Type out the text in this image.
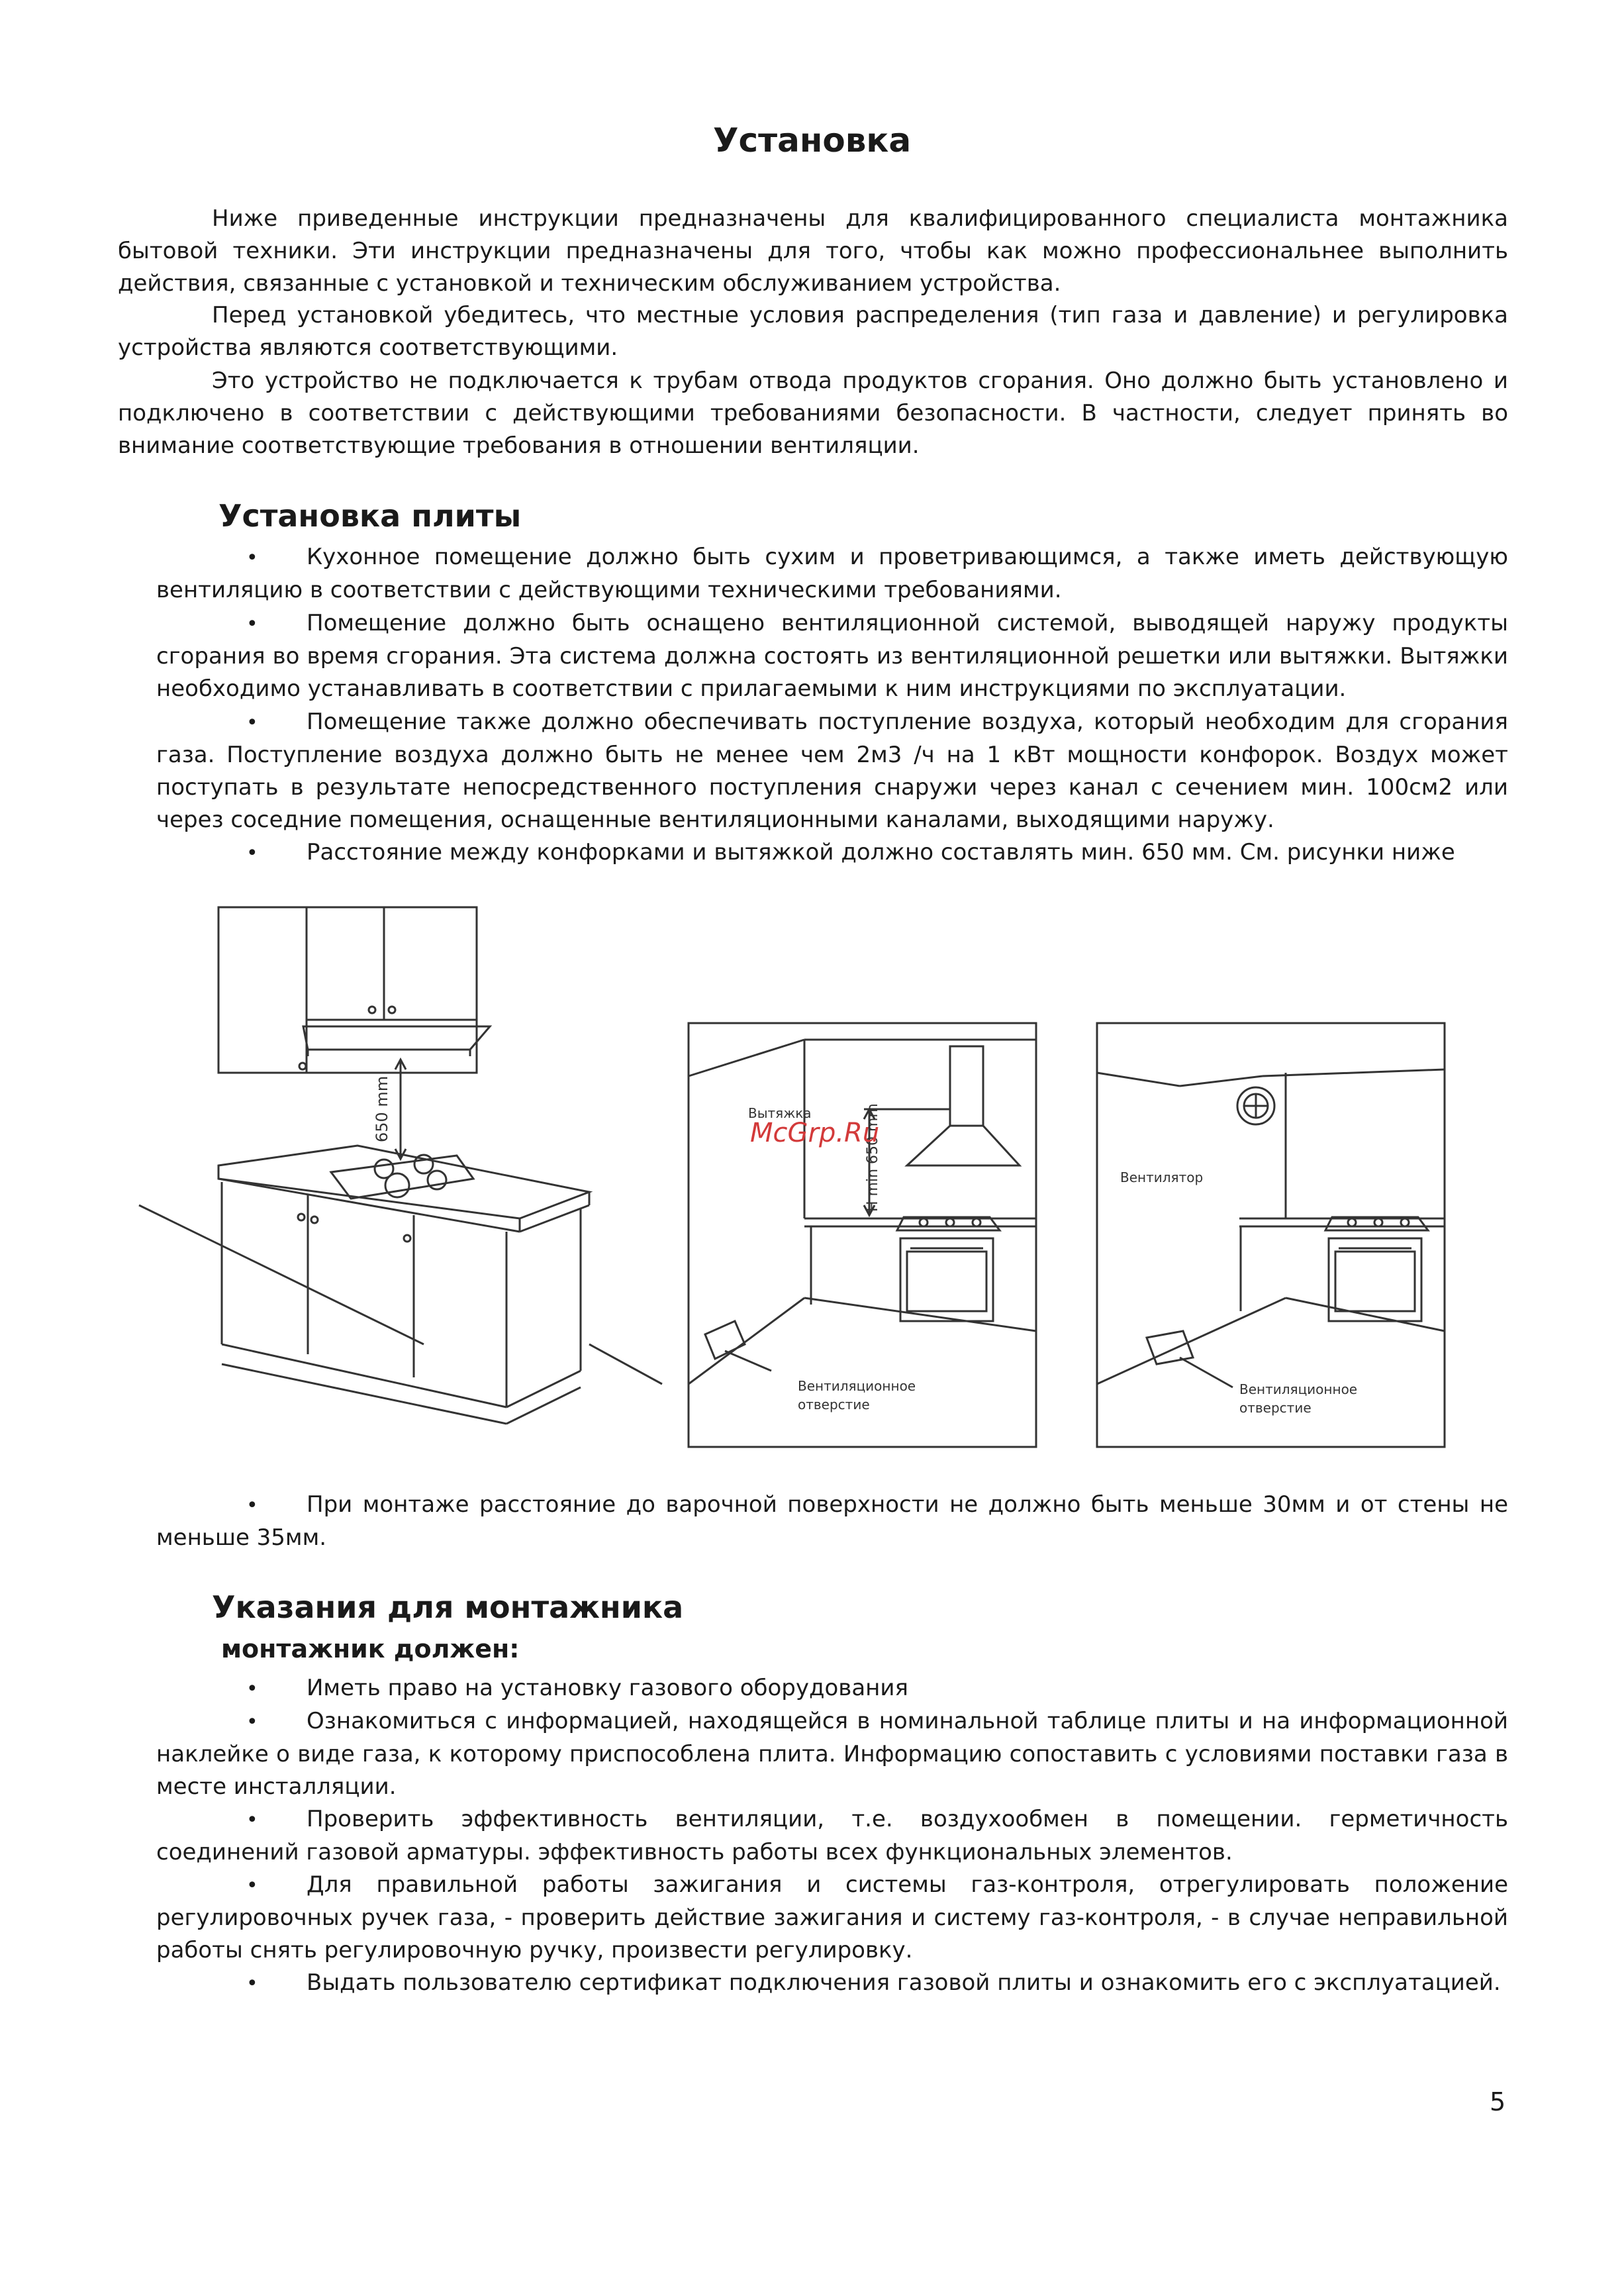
Установка

Ниже приведенные инструкции предназначены для квалифицированного специалиста монтажника бытовой техники. Эти инструкции предназначены для того, чтобы как можно профессиональнее выполнить действия, связанные с установкой и техническим обслуживанием устройства.

Перед установкой убедитесь, что местные условия распределения (тип газа и давление) и регулировка устройства являются соответствующими.

Это устройство не подключается к трубам отвода продуктов сгорания. Оно должно быть установлено и подключено в соответствии с действующими требованиями безопасности. В частности, следует принять во внимание соответствующие требования в отношении вентиляции.

Установка плиты

• Кухонное помещение должно быть сухим и проветривающимся, а также иметь действующую вентиляцию в соответствии с действующими техническими требованиями.

• Помещение должно быть оснащено вентиляционной системой, выводящей наружу продукты сгорания во время сгорания. Эта система должна состоять из вентиляционной решетки или вытяжки. Вытяжки необходимо устанавливать в соответствии с прилагаемыми к ним инструкциями по эксплуатации.

• Помещение также должно обеспечивать поступление воздуха, который необходим для сгорания газа. Поступление воздуха должно быть не менее чем 2м3 /ч на 1 кВт мощности конфорок. Воздух может поступать в результате непосредственного поступления снаружи через канал с сечением мин. 100см2 или через соседние помещения, оснащенные вентиляционными каналами, выходящими наружу.

• Расстояние между конфорками и вытяжкой должно составлять мин. 650 мм. См. рисунки ниже

650 mm	Вытяжка	H min 650 mm
Вентиляционное
отверстие
McGrp.Ru
Вентилятор
Вентиляционное
отверстие

• При монтаже расстояние до варочной поверхности не должно быть меньше 30мм и от стены не меньше 35мм.

Указания для монтажника
монтажник должен:

• Иметь право на установку газового оборудования

• Ознакомиться с информацией, находящейся в номинальной таблице плиты и на информационной наклейке о виде газа, к которому приспособлена плита. Информацию сопоставить с условиями поставки газа в месте инсталляции.

• Проверить эффективность вентиляции, т.е. воздухообмен в помещении. герметичность соединений газовой арматуры. эффективность работы всех функциональных элементов.

• Для правильной работы зажигания и системы газ-контроля, отрегулировать положение регулировочных ручек газа, - проверить действие зажигания и систему газ-контроля, - в случае неправильной работы снять регулировочную ручку, произвести регулировку.

• Выдать пользователю сертификат подключения газовой плиты и ознакомить его с эксплуатацией.

5
